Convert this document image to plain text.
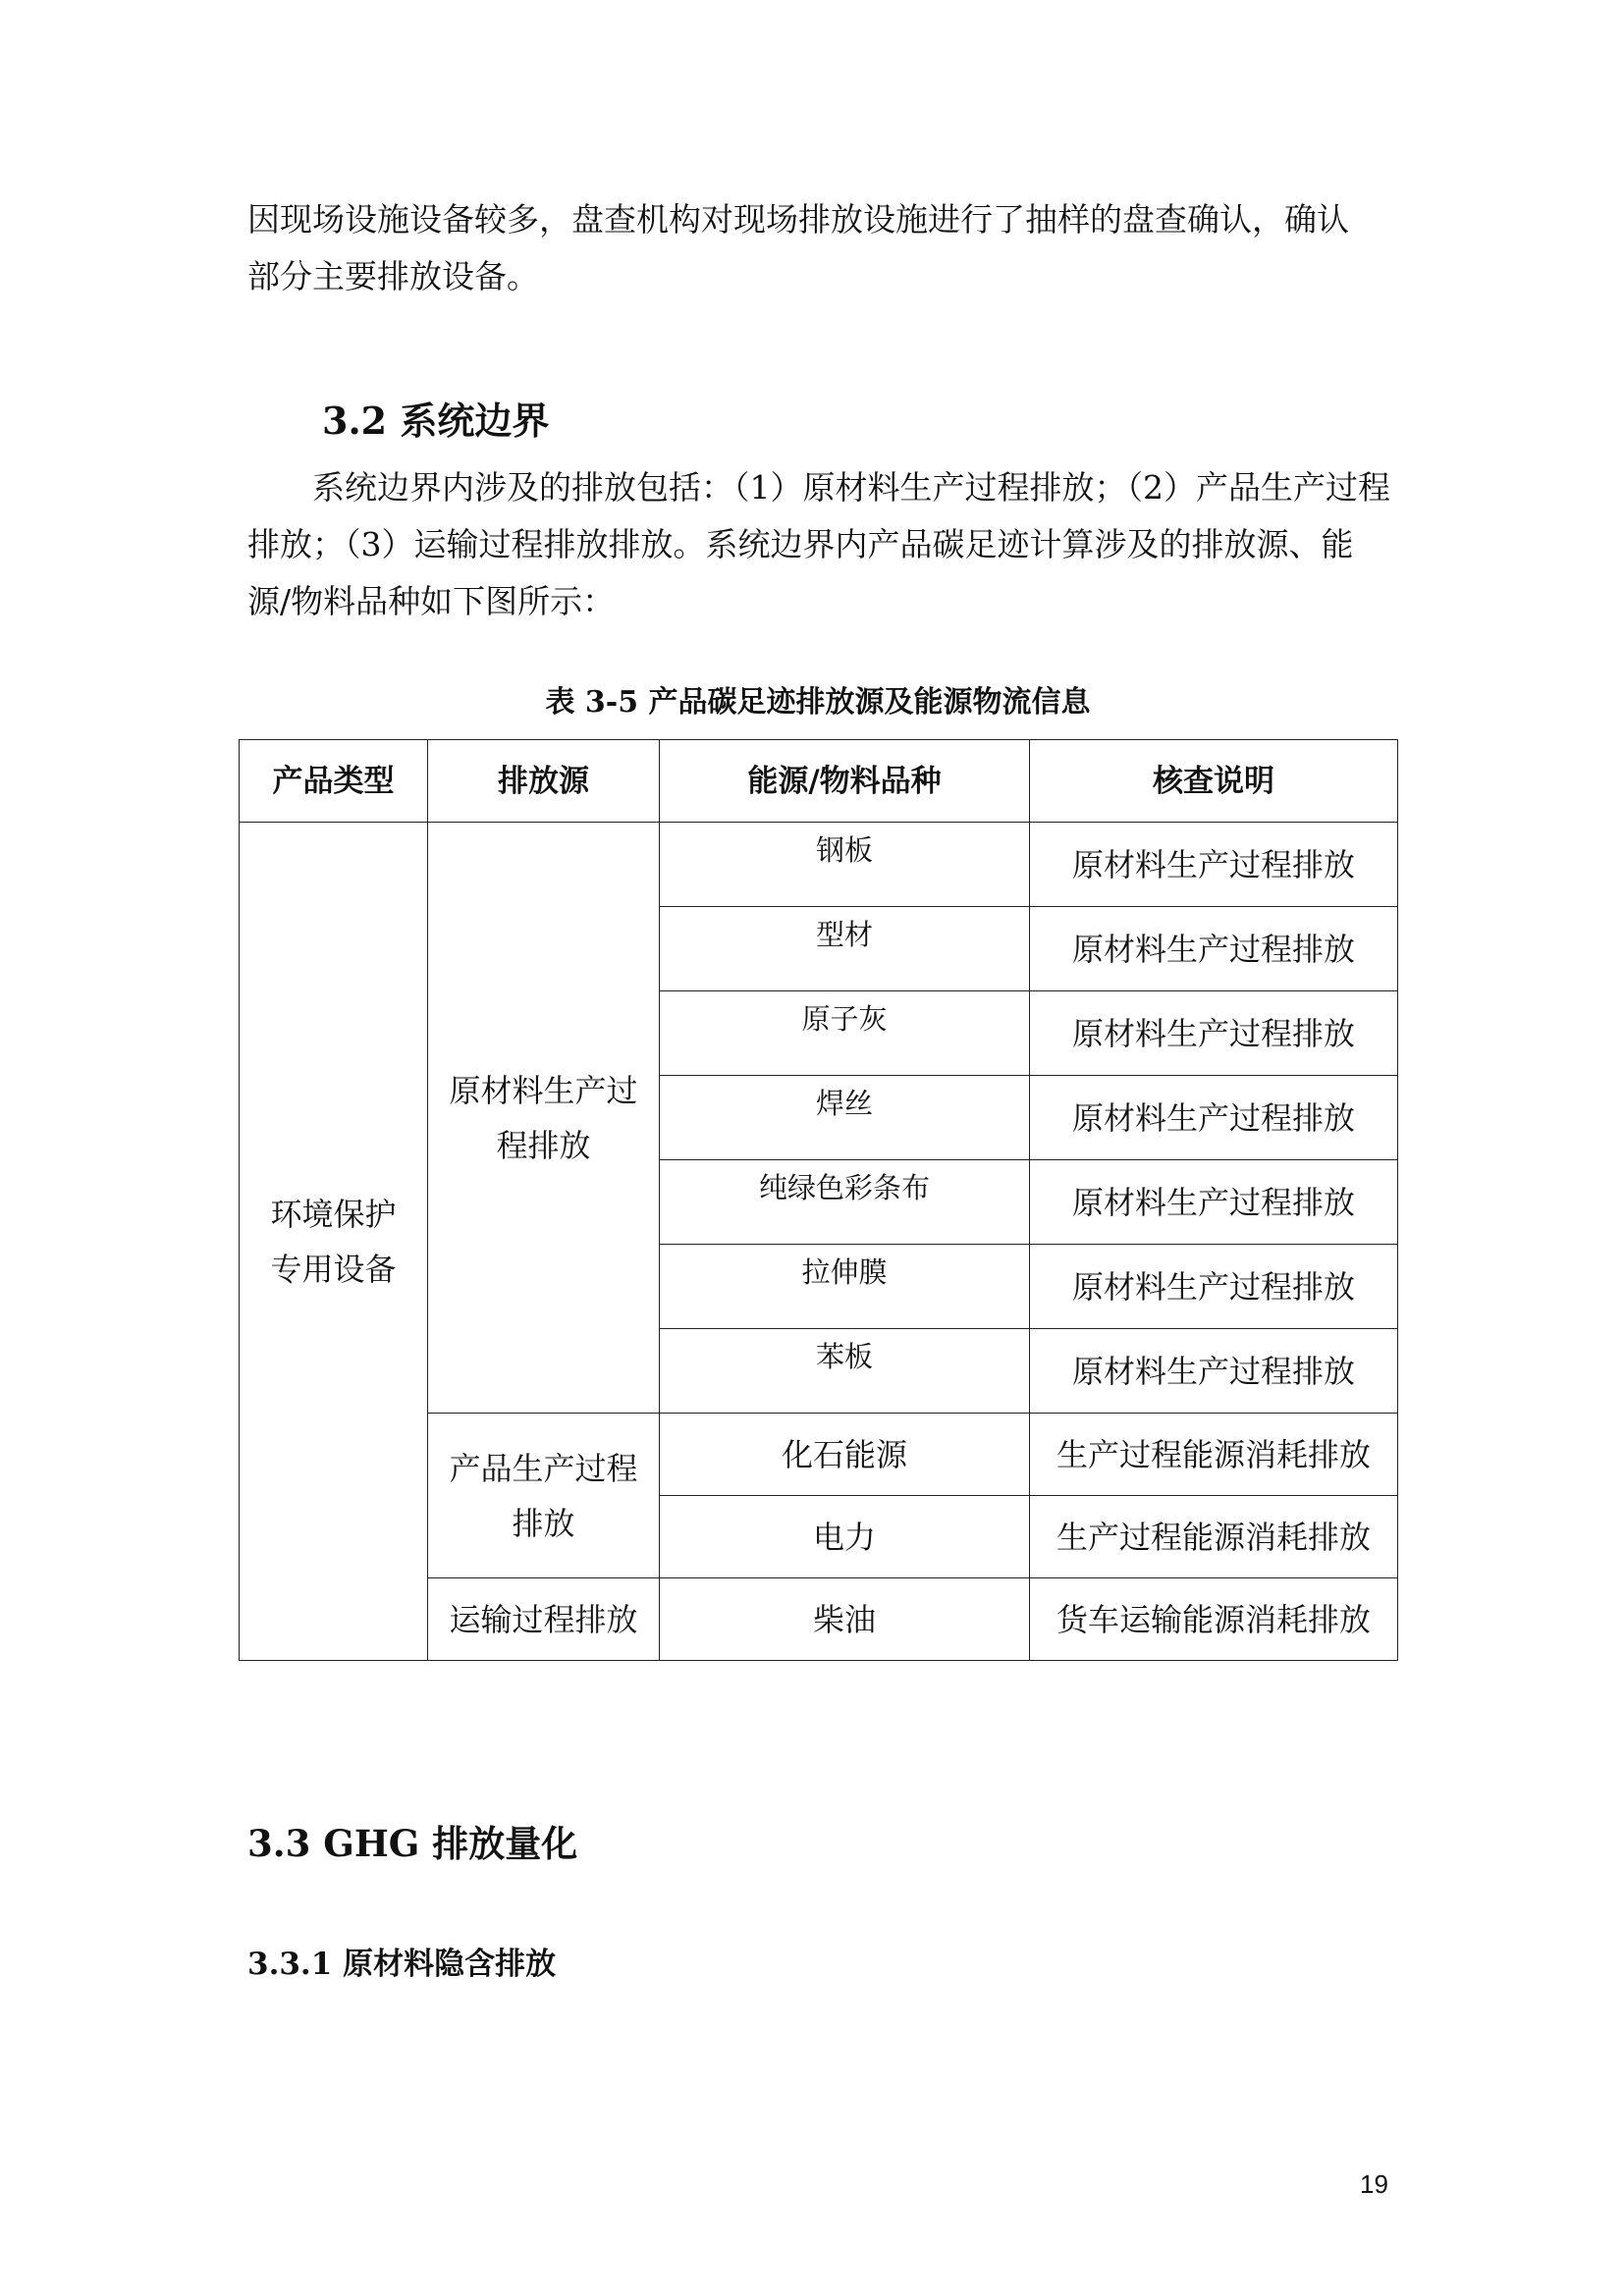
因现场设施设备较多，盘查机构对现场排放设施进行了抽样的盘查确认，确认
部分主要排放设备。

3.2 系统边界

系统边界内涉及的排放包括：（1）原材料生产过程排放；（2）产品生产过程排放；（3）运输过程排放排放。系统边界内产品碳足迹计算涉及的排放源、能源/物料品种如下图所示：

表 3-5 产品碳足迹排放源及能源物流信息

产品类型	排放源	能源/物料品种	核查说明

环境保护专用设备	原材料生产过程排放	钢板	原材料生产过程排放
		型材	原材料生产过程排放
		原子灰	原材料生产过程排放
		焊丝	原材料生产过程排放
		纯绿色彩条布	原材料生产过程排放
		拉伸膜	原材料生产过程排放
		苯板	原材料生产过程排放

	产品生产过程排放	化石能源	生产过程能源消耗排放
		电力	生产过程能源消耗排放
	运输过程排放	柴油	货车运输能源消耗排放
3.3 GHG 排放量化
3.3.1 原材料隐含排放
19
